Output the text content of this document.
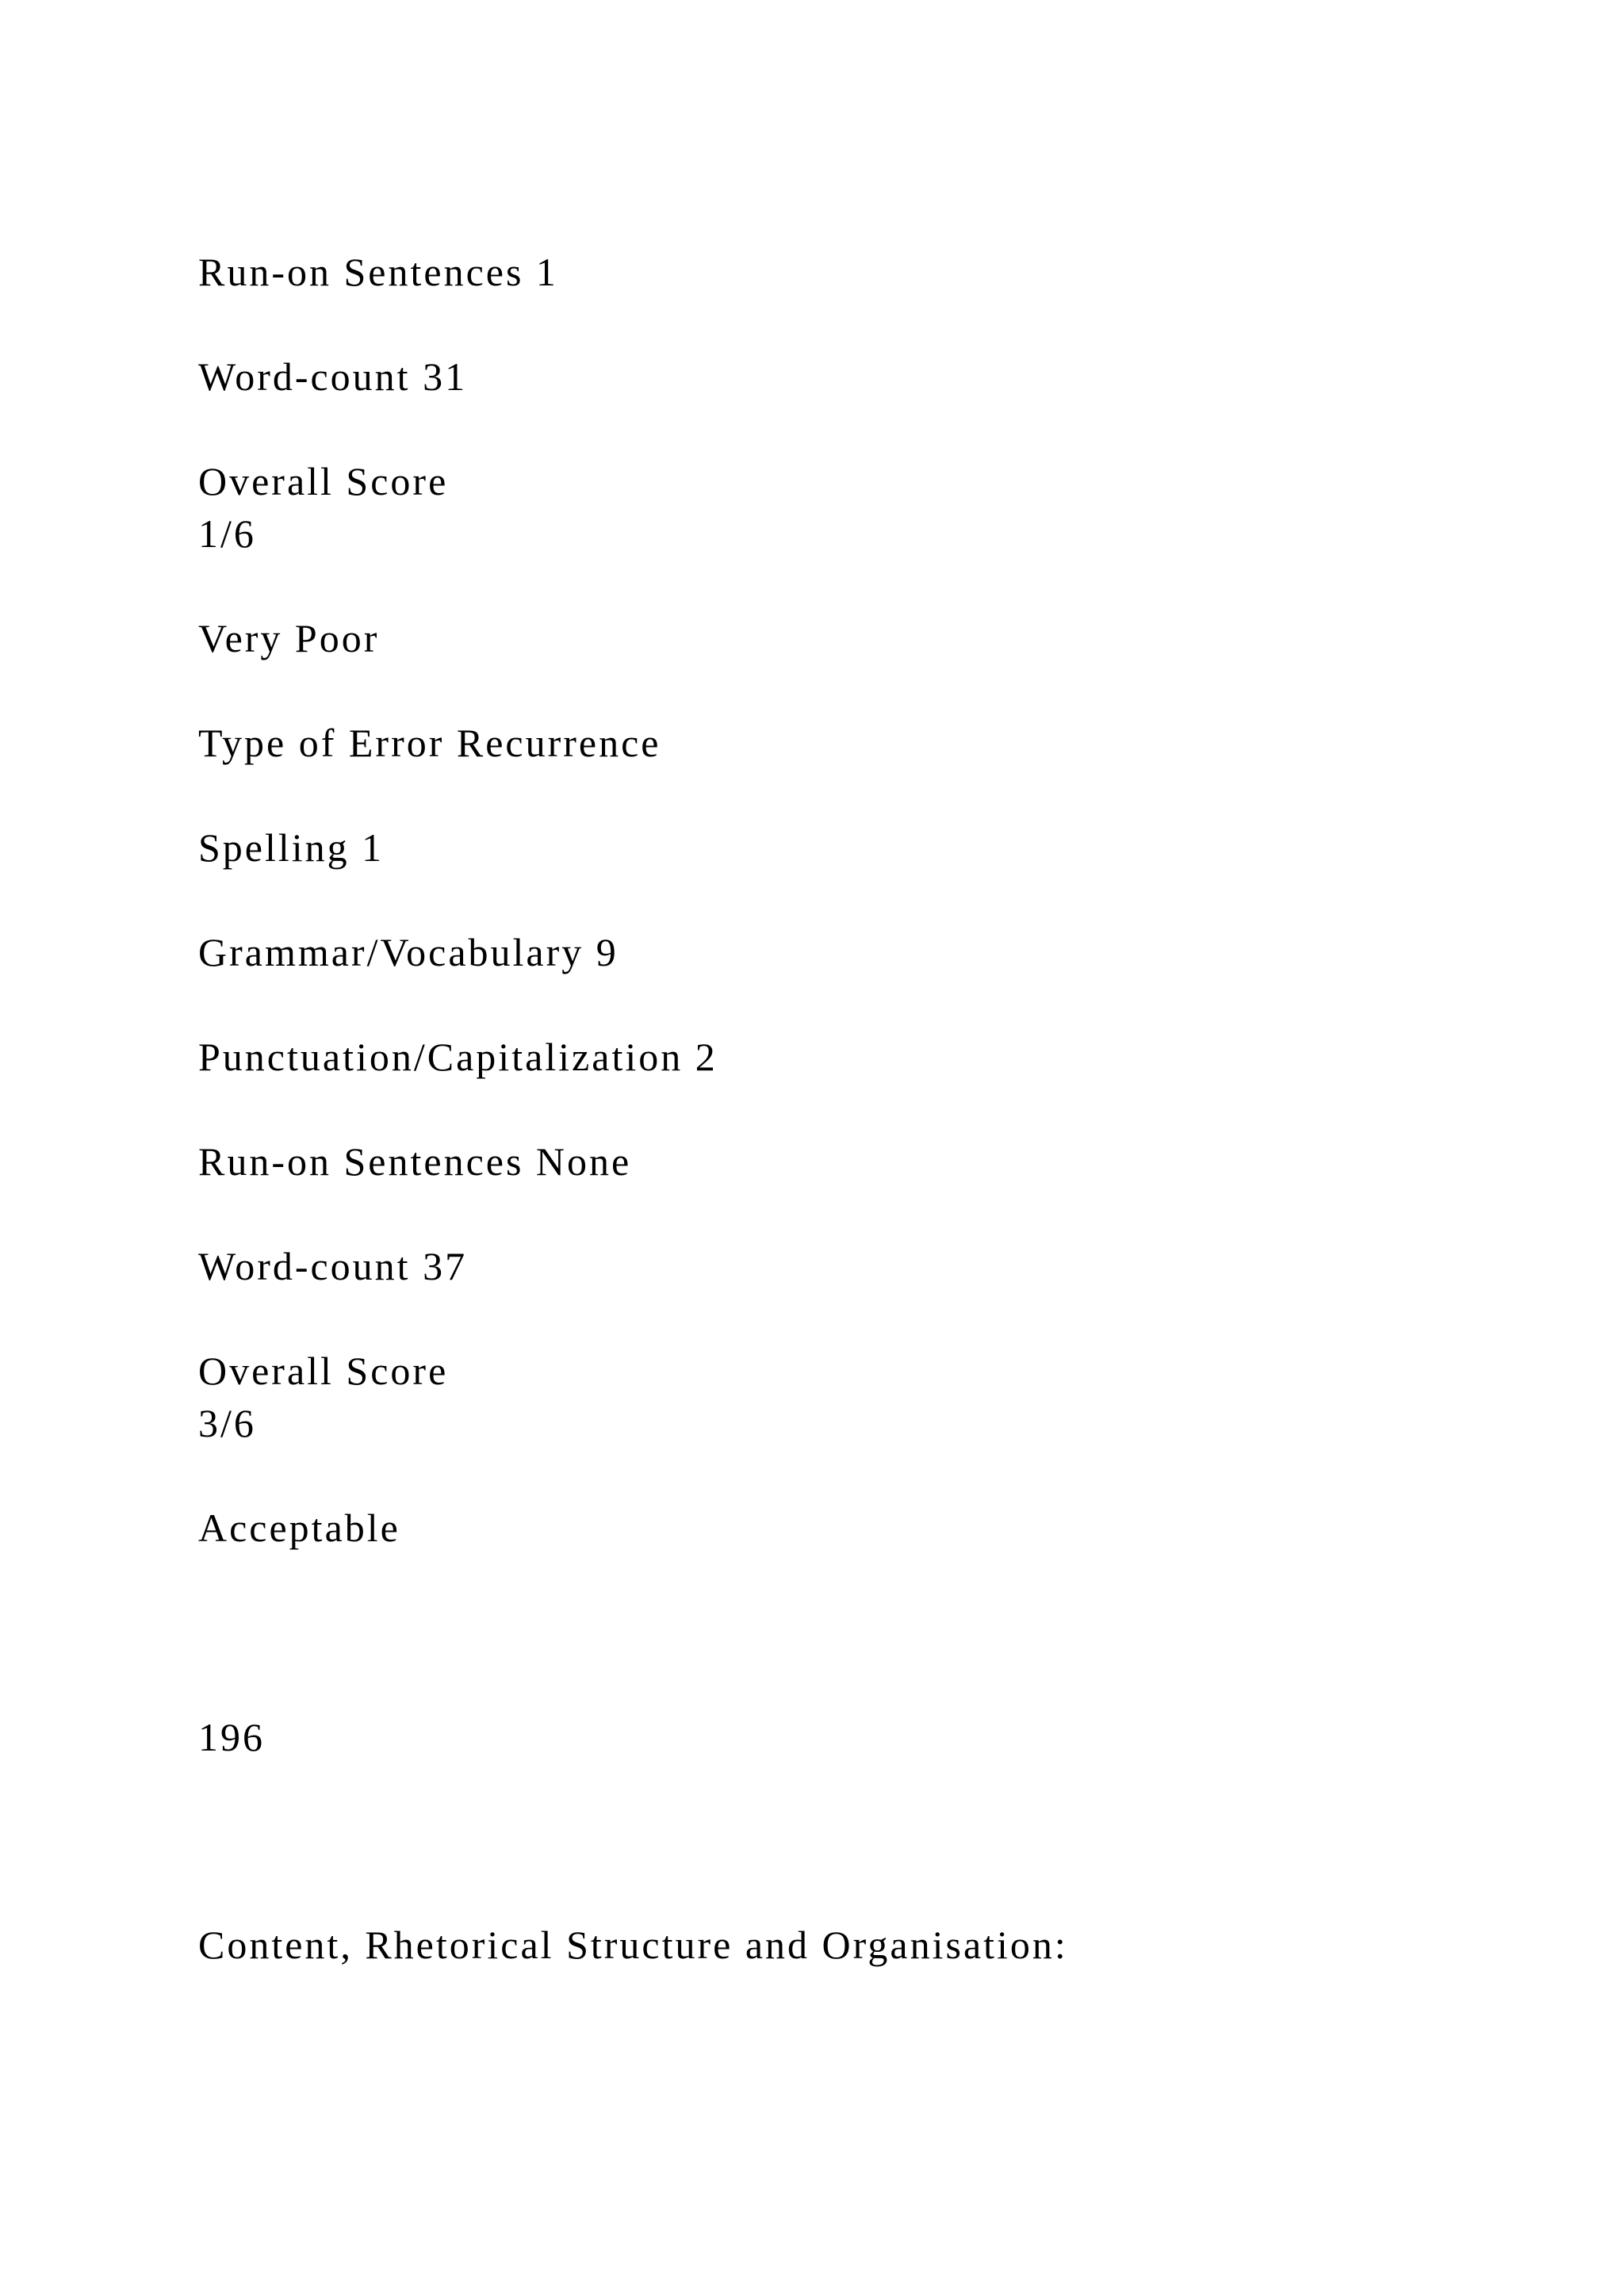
Run-on Sentences 1

Word-count 31

Overall Score

1/6

Very Poor

Type of Error Recurrence

Spelling 1

Grammar/Vocabulary 9

Punctuation/Capitalization 2

Run-on Sentences None

Word-count 37

Overall Score

3/6

Acceptable

196

Content, Rhetorical Structure and Organisation:
